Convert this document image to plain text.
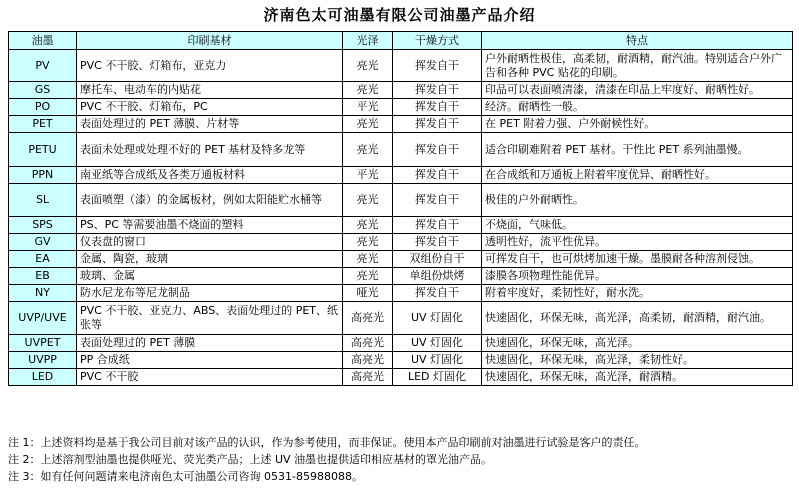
济南色太可油墨有限公司油墨产品介绍
油墨	印刷基材	光泽	干燥方式	特点
PV	PVC 不干胶、灯箱布，亚克力	亮光	挥发自干	户外耐晒性极佳，高柔韧，耐酒精，耐汽油。特别适合户外广告和各种 PVC 贴花的印刷。
GS	摩托车、电动车的内贴花	亮光	挥发自干	印品可以表面喷清漆，清漆在印品上牢度好、耐晒性好。
PO	PVC 不干胶、灯箱布，PC	平光	挥发自干	经济。耐晒性一般。
PET	表面处理过的 PET 薄膜、片材等	亮光	挥发自干	在 PET 附着力强、户外耐候性好。
PETU	表面未处理或处理不好的 PET 基材及特多龙等	亮光	挥发自干	适合印刷难附着 PET 基材。干性比 PET 系列油墨慢。
PPN	南亚纸等合成纸及各类万通板材料	平光	挥发自干	在合成纸和万通板上附着牢度优异、耐晒性好。
SL	表面喷塑（漆）的金属板材，例如太阳能贮水桶等	亮光	挥发自干	极佳的户外耐晒性。
SPS	PS、PC 等需要油墨不烧面的塑料	亮光	挥发自干	不烧面，气味低。
GV	仪表盘的窗口	亮光	挥发自干	透明性好，流平性优异。
EA	金属、陶瓷，玻璃	亮光	双组份自干	可挥发自干，也可烘烤加速干燥。墨膜耐各种溶剂侵蚀。
EB	玻璃、金属	亮光	单组份烘烤	漆膜各项物理性能优异。
NY	防水尼龙布等尼龙制品	哑光	挥发自干	附着牢度好，柔韧性好，耐水洗。
UVP/UVE	PVC 不干胶、亚克力、ABS、表面处理过的 PET、纸张等	高亮光	UV 灯固化	快速固化，环保无味，高光泽，高柔韧，耐酒精，耐汽油。
UVPET	表面处理过的 PET 薄膜	高亮光	UV 灯固化	快速固化，环保无味，高光泽。
UVPP	PP 合成纸	高亮光	UV 灯固化	快速固化，环保无味，高光泽，柔韧性好。
LED	PVC 不干胶	高亮光	LED 灯固化	快速固化，环保无味，高光泽，耐酒精。
注 1：上述资料均是基于我公司目前对该产品的认识，作为参考使用，而非保证。使用本产品印刷前对油墨进行试验是客户的责任。
注 2：上述溶剂型油墨也提供哑光、荧光类产品；上述 UV 油墨也提供适印相应基材的罩光油产品。
注 3：如有任何问题请来电济南色太可油墨公司咨询 0531-85988088。
